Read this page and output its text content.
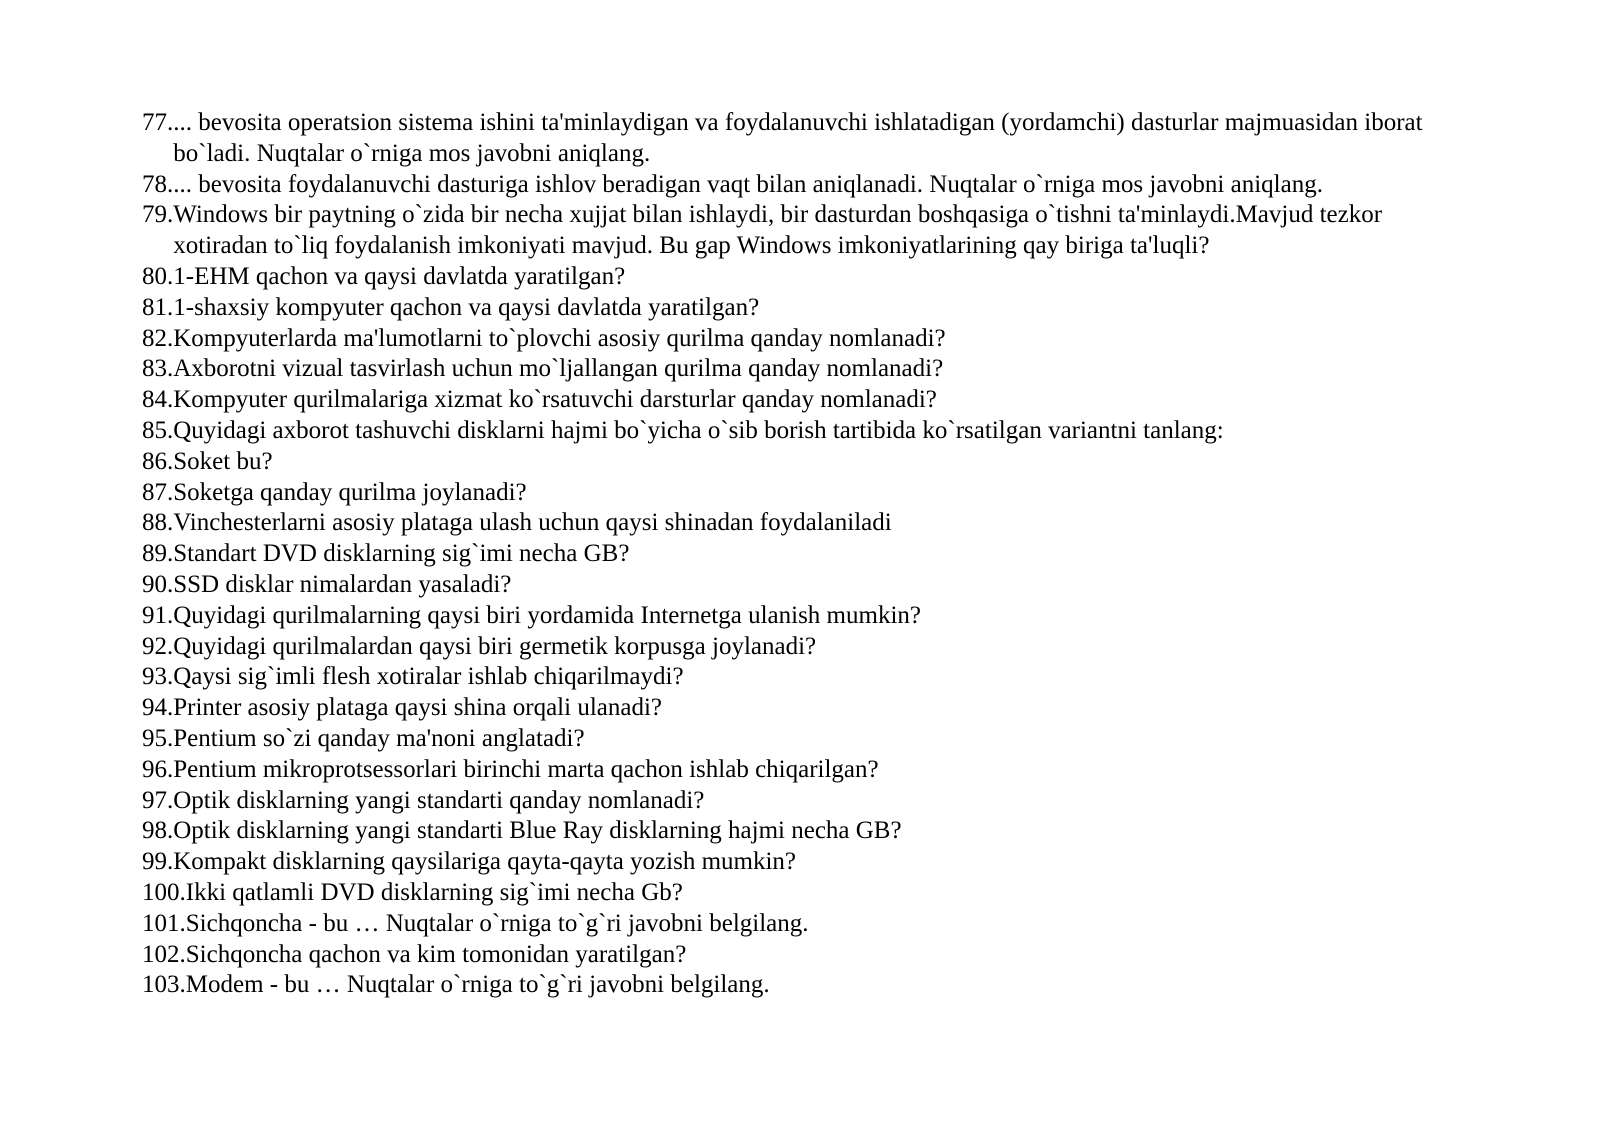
77. ... bevosita operatsion sistema ishini ta'minlaydigan va foydalanuvchi ishlatadigan (yordamchi) dasturlar majmuasidan iborat bo`ladi. Nuqtalar o`rniga mos javobni aniqlang.
78. ... bevosita foydalanuvchi dasturiga ishlov beradigan vaqt bilan aniqlanadi. Nuqtalar o`rniga mos javobni aniqlang.
79. Windows bir paytning o`zida bir necha xujjat bilan ishlaydi, bir dasturdan boshqasiga o`tishni ta'minlaydi.Mavjud tezkor xotiradan to`liq foydalanish imkoniyati mavjud. Bu gap Windows imkoniyatlarining qay biriga ta'luqli?
80. 1-EHM qachon va qaysi davlatda yaratilgan?
81. 1-shaxsiy kompyuter qachon va qaysi davlatda yaratilgan?
82. Kompyuterlarda ma'lumotlarni to`plovchi asosiy qurilma qanday nomlanadi?
83. Axborotni vizual tasvirlash uchun mo`ljallangan qurilma qanday nomlanadi?
84. Kompyuter qurilmalariga xizmat ko`rsatuvchi darsturlar qanday nomlanadi?
85. Quyidagi axborot tashuvchi disklarni hajmi bo`yicha o`sib borish tartibida ko`rsatilgan variantni tanlang:
86. Soket bu?
87. Soketga qanday qurilma joylanadi?
88. Vinchesterlarni asosiy plataga ulash uchun qaysi shinadan foydalaniladi
89. Standart DVD disklarning sig`imi necha GB?
90. SSD disklar nimalardan yasaladi?
91. Quyidagi qurilmalarning qaysi biri yordamida Internetga ulanish mumkin?
92. Quyidagi qurilmalardan qaysi biri germetik korpusga joylanadi?
93. Qaysi sig`imli flesh xotiralar ishlab chiqarilmaydi?
94. Printer asosiy plataga qaysi shina orqali ulanadi?
95. Pentium so`zi qanday ma'noni anglatadi?
96. Pentium mikroprotsessorlari birinchi marta qachon ishlab chiqarilgan?
97. Optik disklarning yangi standarti qanday nomlanadi?
98. Optik disklarning yangi standarti Blue Ray disklarning hajmi necha GB?
99. Kompakt disklarning qaysilariga qayta-qayta yozish mumkin?
100. Ikki qatlamli DVD disklarning sig`imi necha Gb?
101. Sichqoncha - bu … Nuqtalar o`rniga to`g`ri javobni belgilang.
102. Sichqoncha qachon va kim tomonidan yaratilgan?
103. Modem - bu … Nuqtalar o`rniga to`g`ri javobni belgilang.
